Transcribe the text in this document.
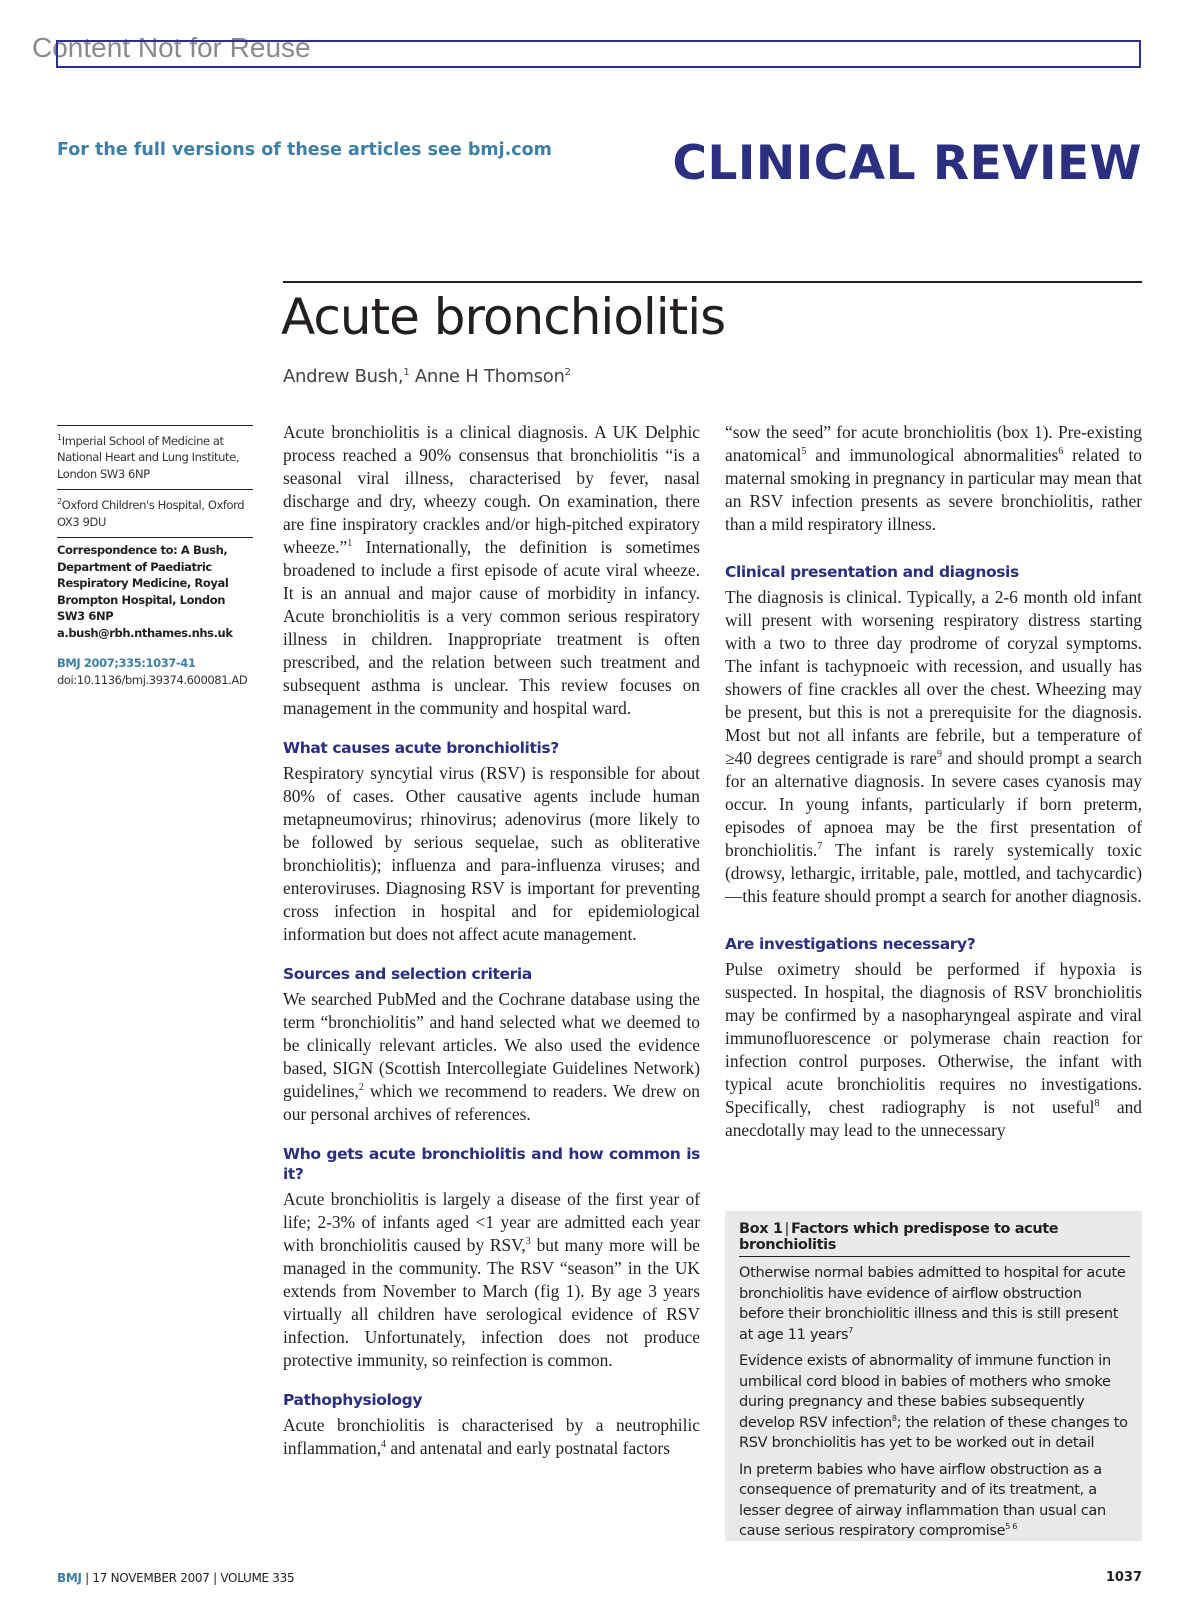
Content Not for Reuse
For the full versions of these articles see bmj.com	CLINICAL REVIEW
Acute bronchiolitis
Andrew Bush,$^1$ Anne H Thomson$^2$
$^1$Imperial School of Medicine at National Heart and Lung Institute, London SW3 6NP
$^2$Oxford Children's Hospital, Oxford OX3 9DU
Correspondence to: A Bush, Department of Paediatric Respiratory Medicine, Royal Brompton Hospital, London SW3 6NP a.bush@rbh.nthames.nhs.uk
BMJ 2007;335:1037-41
doi:10.1136/bmj.39374.600081.AD

Acute bronchiolitis is a clinical diagnosis. A UK Delphic process reached a 90% consensus that bronchiolitis “is a seasonal viral illness, characterised by fever, nasal discharge and dry, wheezy cough. On examination, there are fine inspiratory crackles and/or high-pitched expiratory wheeze.”$^1$ Internationally, the definition is sometimes broadened to include a first episode of acute viral wheeze. It is an annual and major cause of morbidity in infancy. Acute bronchiolitis is a very common serious respiratory illness in children. Inappropriate treatment is often prescribed, and the relation between such treatment and subsequent asthma is unclear. This review focuses on management in the community and hospital ward.

What causes acute bronchiolitis?

Respiratory syncytial virus (RSV) is responsible for about 80% of cases. Other causative agents include human metapneumovirus; rhinovirus; adenovirus (more likely to be followed by serious sequelae, such as obliterative bronchiolitis); influenza and para-influenza viruses; and enteroviruses. Diagnosing RSV is important for preventing cross infection in hospital and for epidemiological information but does not affect acute management.

Sources and selection criteria

We searched PubMed and the Cochrane database using the term “bronchiolitis” and hand selected what we deemed to be clinically relevant articles. We also used the evidence based, SIGN (Scottish Intercollegiate Guidelines Network) guidelines,$^2$ which we recommend to readers. We drew on our personal archives of references.

Who gets acute bronchiolitis and how common is it?

Acute bronchiolitis is largely a disease of the first year of life; 2-3% of infants aged <1 year are admitted each year with bronchiolitis caused by RSV,$^3$ but many more will be managed in the community. The RSV “season” in the UK extends from November to March (fig 1). By age 3 years virtually all children have serological evidence of RSV infection. Unfortunately, infection does not produce protective immunity, so reinfection is common.

Pathophysiology

Acute bronchiolitis is characterised by a neutrophilic inflammation,$^4$ and antenatal and early postnatal factors

“sow the seed” for acute bronchiolitis (box 1). Pre-existing anatomical$^5$ and immunological abnormalities$^6$ related to maternal smoking in pregnancy in particular may mean that an RSV infection presents as severe bronchiolitis, rather than a mild respiratory illness.

Clinical presentation and diagnosis

The diagnosis is clinical. Typically, a 2-6 month old infant will present with worsening respiratory distress starting with a two to three day prodrome of coryzal symptoms. The infant is tachypnoeic with recession, and usually has showers of fine crackles all over the chest. Wheezing may be present, but this is not a prerequisite for the diagnosis. Most but not all infants are febrile, but a temperature of ≥40 degrees centigrade is rare$^9$ and should prompt a search for an alternative diagnosis. In severe cases cyanosis may occur. In young infants, particularly if born preterm, episodes of apnoea may be the first presentation of bronchiolitis.$^7$ The infant is rarely systemically toxic (drowsy, lethargic, irritable, pale, mottled, and tachycardic)—this feature should prompt a search for another diagnosis.

Are investigations necessary?

Pulse oximetry should be performed if hypoxia is suspected. In hospital, the diagnosis of RSV bronchiolitis may be confirmed by a nasopharyngeal aspirate and viral immunofluorescence or polymerase chain reaction for infection control purposes. Otherwise, the infant with typical acute bronchiolitis requires no investigations. Specifically, chest radiography is not useful$^8$ and anecdotally may lead to the unnecessary

Box 1 | Factors which predispose to acute bronchiolitis
Otherwise normal babies admitted to hospital for acute bronchiolitis have evidence of airflow obstruction before their bronchiolitic illness and this is still present at age 11 years$^7$
Evidence exists of abnormality of immune function in umbilical cord blood in babies of mothers who smoke during pregnancy and these babies subsequently develop RSV infection$^8$; the relation of these changes to RSV bronchiolitis has yet to be worked out in detail
In preterm babies who have airflow obstruction as a consequence of prematurity and of its treatment, a lesser degree of airway inflammation than usual can cause serious respiratory compromise$^{5 6}$
BMJ | 17 NOVEMBER 2007 | VOLUME 335	1037
